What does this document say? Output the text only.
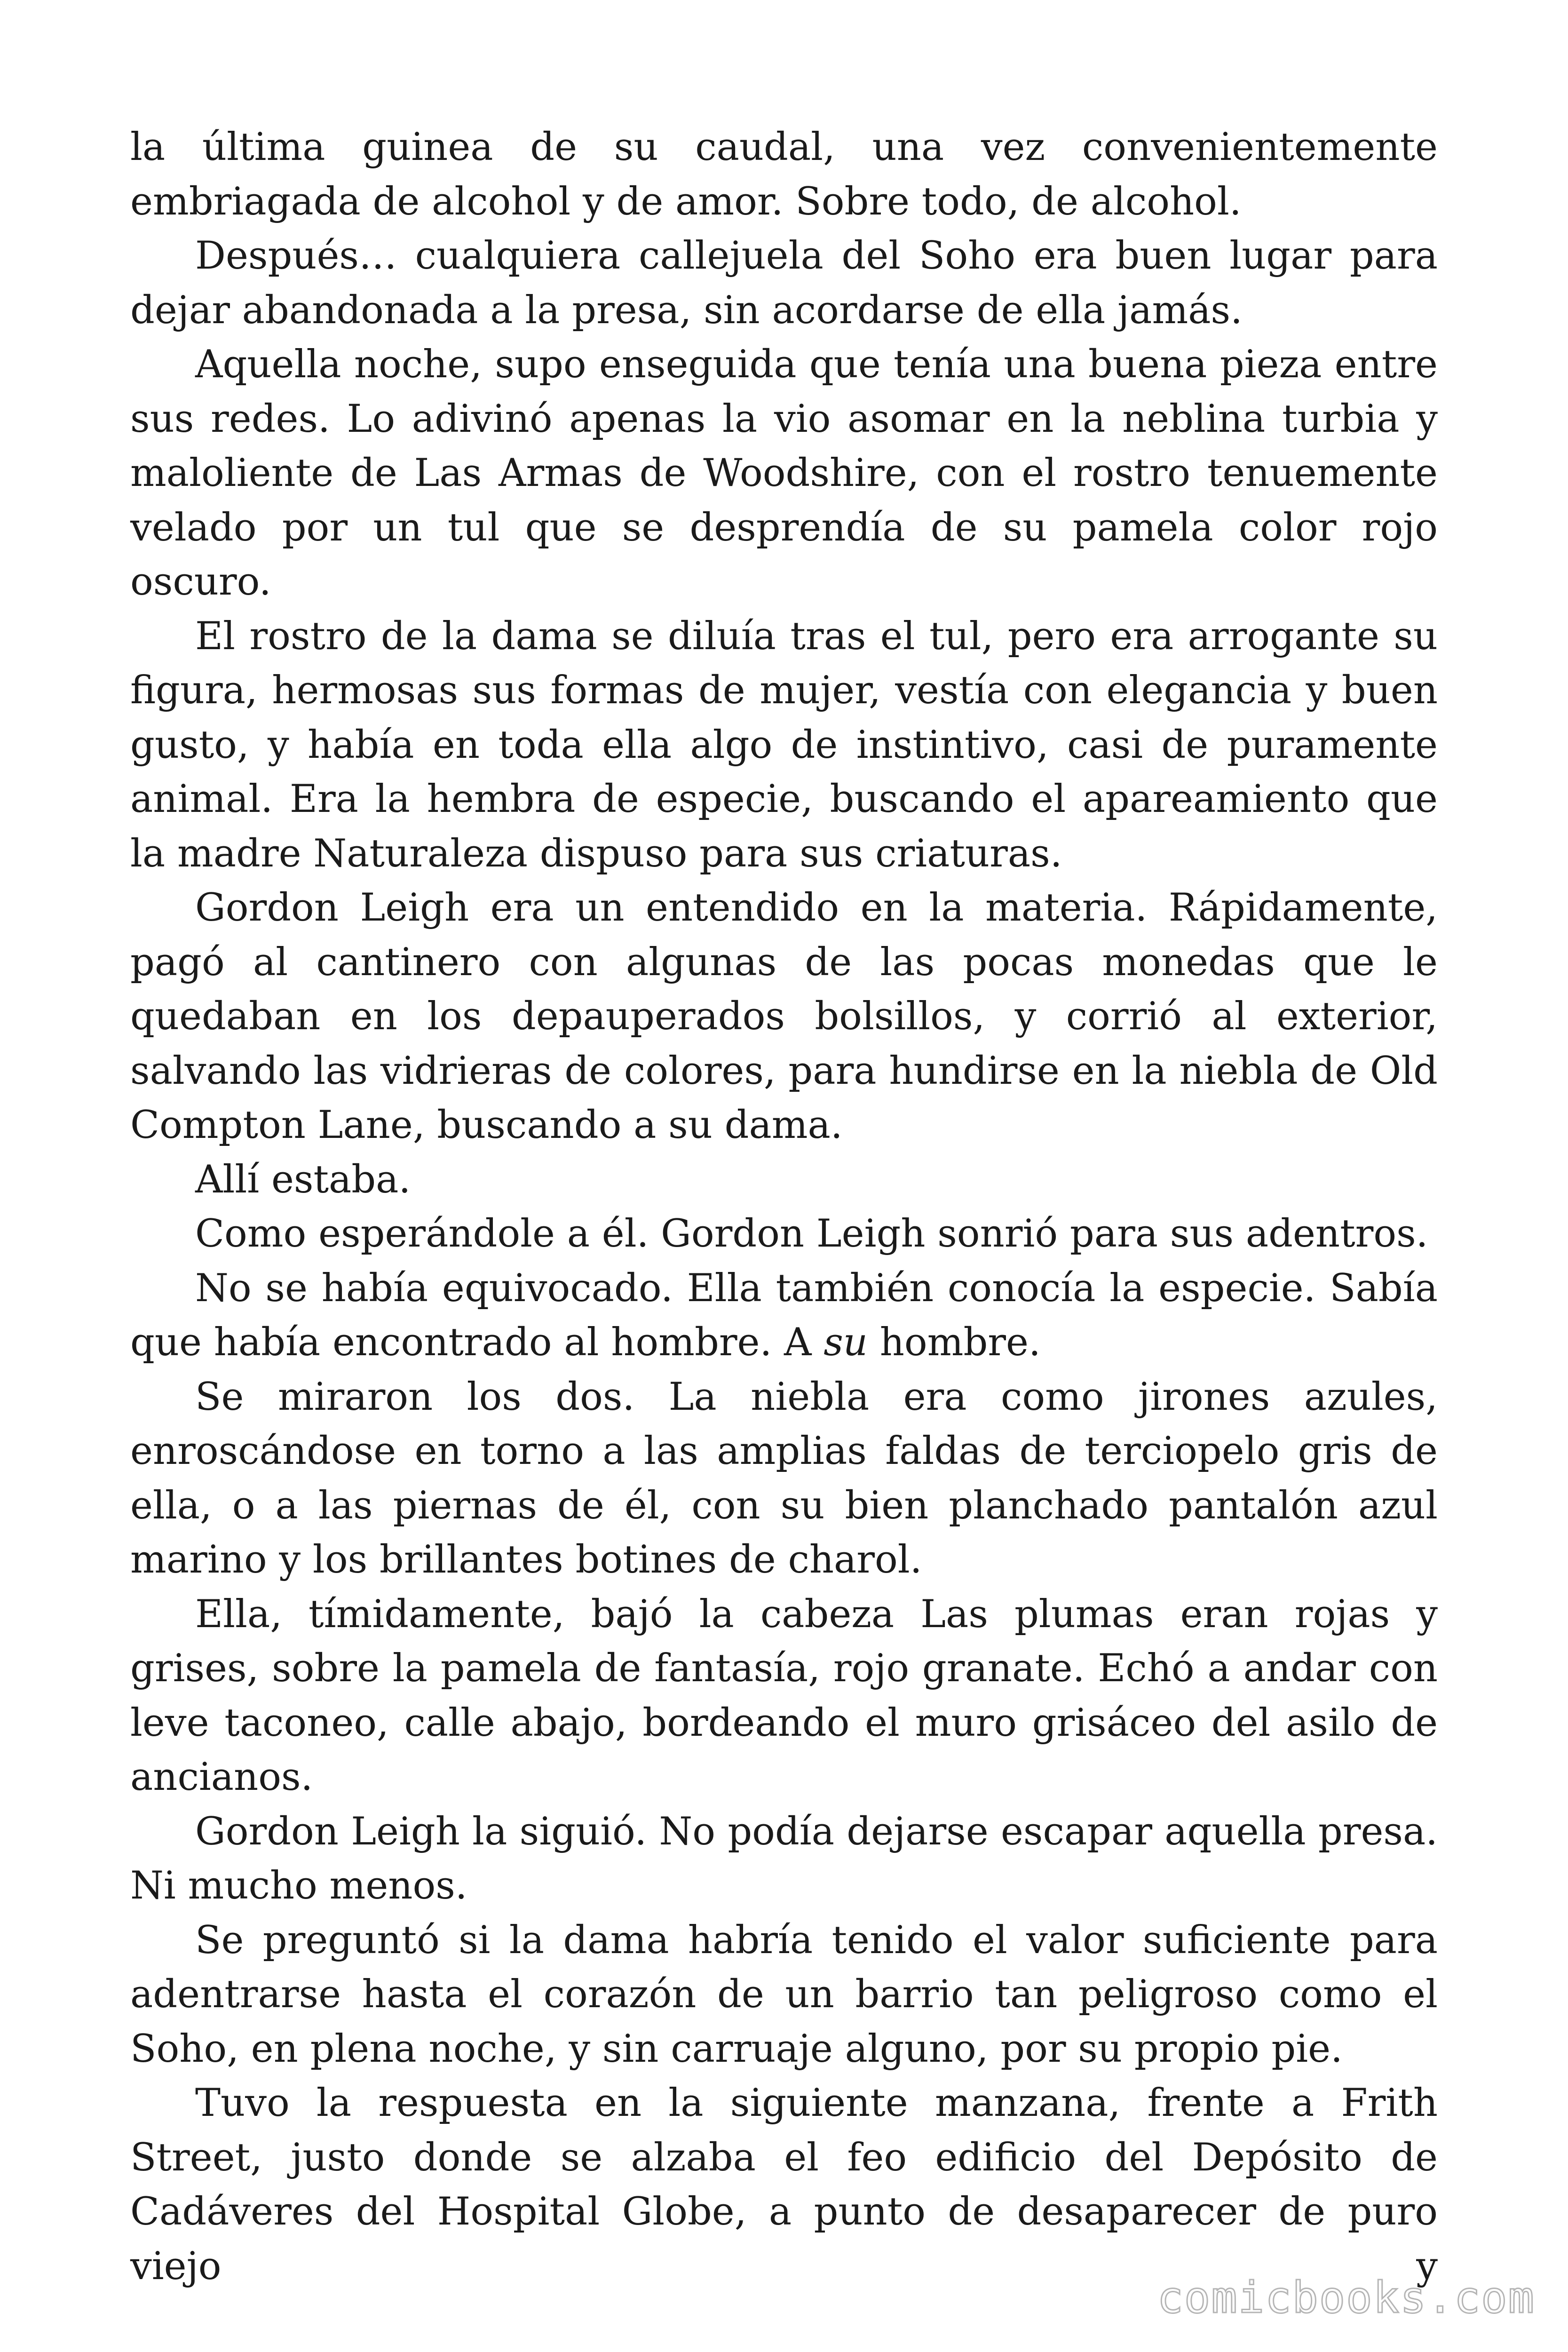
la última guinea de su caudal, una vez convenientemente embriagada de alcohol y de amor. Sobre todo, de alcohol.

Después… cualquiera callejuela del Soho era buen lugar para dejar abandonada a la presa, sin acordarse de ella jamás.

Aquella noche, supo enseguida que tenía una buena pieza entre sus redes. Lo adivinó apenas la vio asomar en la neblina turbia y maloliente de Las Armas de Woodshire, con el rostro tenuemente velado por un tul que se desprendía de su pamela color rojo oscuro.

El rostro de la dama se diluía tras el tul, pero era arrogante su figura, hermosas sus formas de mujer, vestía con elegancia y buen gusto, y había en toda ella algo de instintivo, casi de puramente animal. Era la hembra de especie, buscando el apareamiento que la madre Naturaleza dispuso para sus criaturas.

Gordon Leigh era un entendido en la materia. Rápidamente, pagó al cantinero con algunas de las pocas monedas que le quedaban en los depauperados bolsillos, y corrió al exterior, salvando las vidrieras de colores, para hundirse en la niebla de Old Compton Lane, buscando a su dama.

Allí estaba.

Como esperándole a él. Gordon Leigh sonrió para sus adentros.

No se había equivocado. Ella también conocía la especie. Sabía que había encontrado al hombre. A su hombre.

Se miraron los dos. La niebla era como jirones azules, enroscándose en torno a las amplias faldas de terciopelo gris de ella, o a las piernas de él, con su bien planchado pantalón azul marino y los brillantes botines de charol.

Ella, tímidamente, bajó la cabeza Las plumas eran rojas y grises, sobre la pamela de fantasía, rojo granate. Echó a andar con leve taconeo, calle abajo, bordeando el muro grisáceo del asilo de ancianos.

Gordon Leigh la siguió. No podía dejarse escapar aquella presa. Ni mucho menos.

Se preguntó si la dama habría tenido el valor suficiente para adentrarse hasta el corazón de un barrio tan peligroso como el Soho, en plena noche, y sin carruaje alguno, por su propio pie.

Tuvo la respuesta en la siguiente manzana, frente a Frith Street, justo donde se alzaba el feo edificio del Depósito de Cadáveres del Hospital Globe, a punto de desaparecer de puro viejo y

comicbooks.com
